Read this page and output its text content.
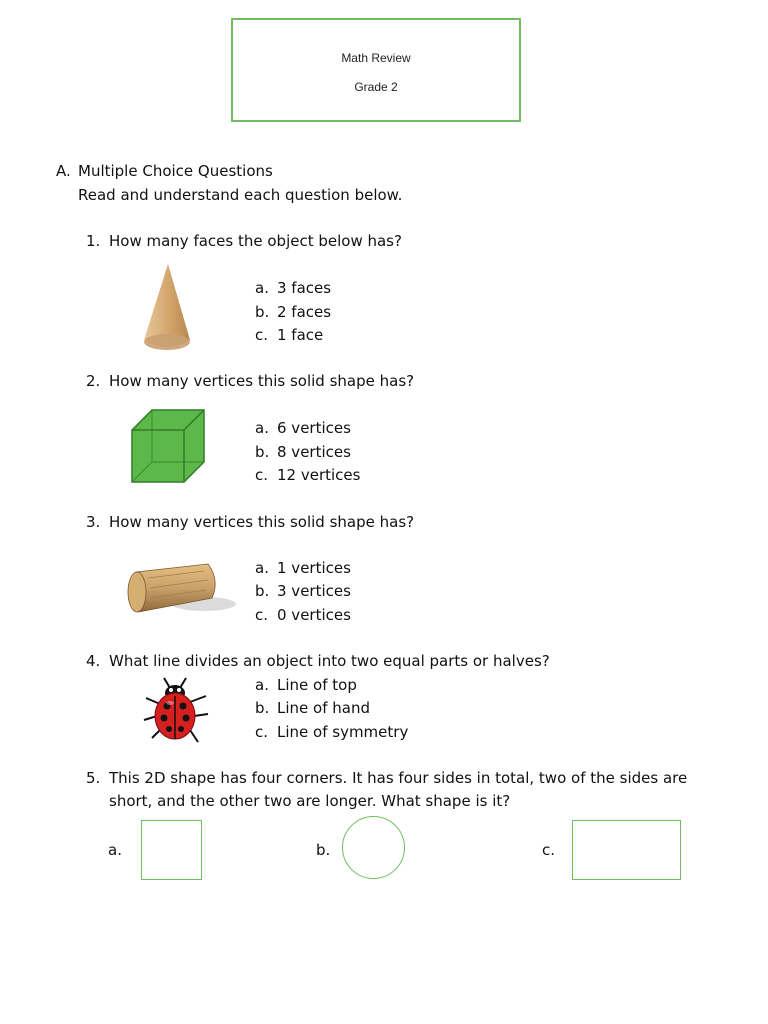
Math Review
Grade 2
A. Multiple Choice Questions
Read and understand each question below.
1. How many faces the object below has?
a. 3 faces
b. 2 faces
c. 1 face
2. How many vertices this solid shape has?
a. 6 vertices
b. 8 vertices
c. 12 vertices
3. How many vertices this solid shape has?
a. 1 vertices
b. 3 vertices
c. 0 vertices
4. What line divides an object into two equal parts or halves?
a. Line of top
b. Line of hand
c. Line of symmetry
5. This 2D shape has four corners. It has four sides in total, two of the sides are
short, and the other two are longer. What shape is it?
a.	b.	c.
